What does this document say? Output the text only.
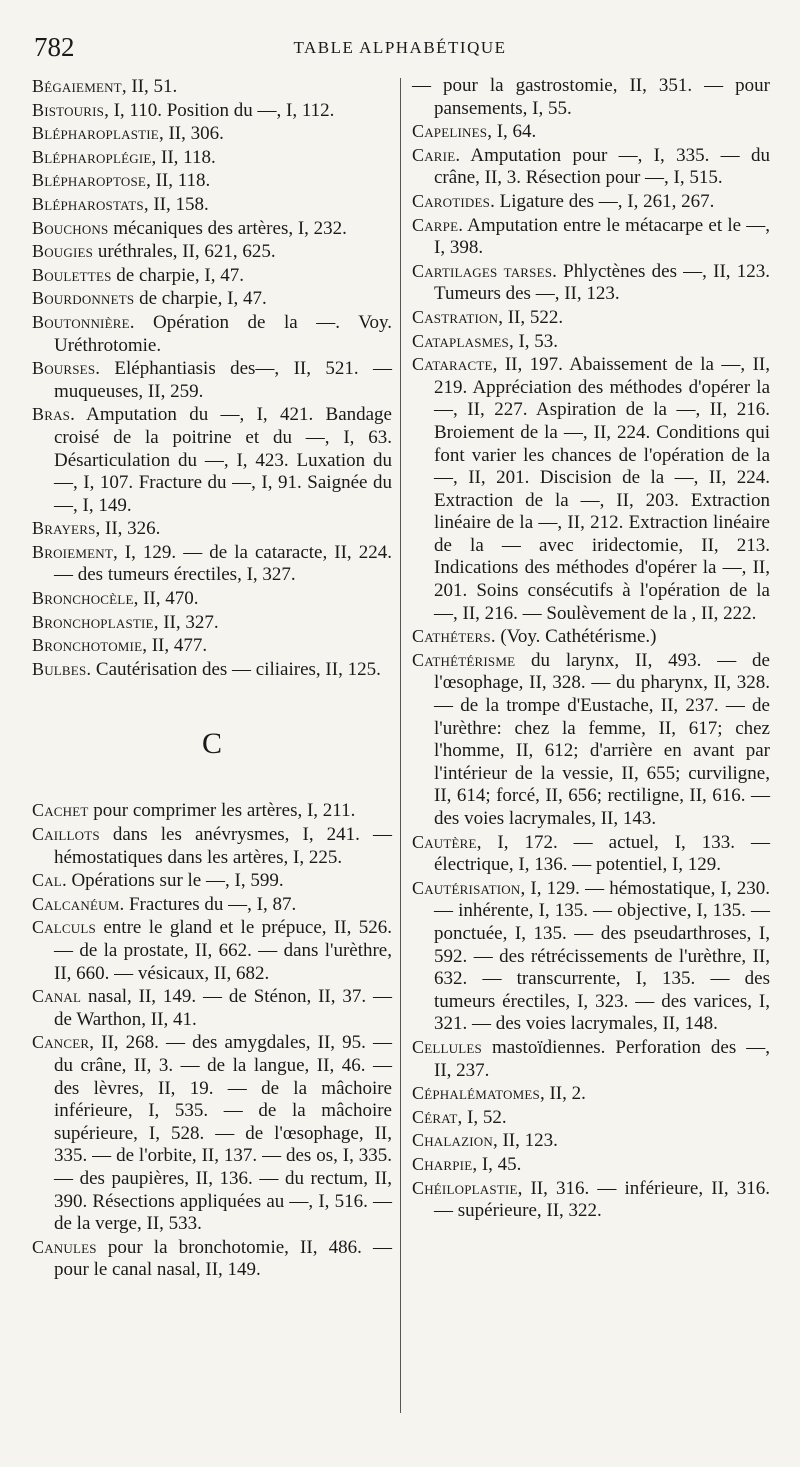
782	TABLE ALPHABÉTIQUE

Bégaiement, II, 51.

Bistouris, I, 110. Position du —, I, 112.

Blépharoplastie, II, 306.

Blépharoplégie, II, 118.

Blépharoptose, II, 118.

Blépharostats, II, 158.

Bouchons mécaniques des artères, I, 232.

Bougies uréthrales, II, 621, 625.

Boulettes de charpie, I, 47.

Bourdonnets de charpie, I, 47.

Boutonnière. Opération de la —. Voy. Uréthrotomie.

Bourses. Eléphantiasis des—, II, 521. — muqueuses, II, 259.

Bras. Amputation du —, I, 421. Bandage croisé de la poitrine et du —, I, 63. Désarticulation du —, I, 423. Luxation du —, I, 107. Fracture du —, I, 91. Saignée du —, I, 149.

Brayers, II, 326.

Broiement, I, 129. — de la cataracte, II, 224. — des tumeurs érectiles, I, 327.

Bronchocèle, II, 470.

Bronchoplastie, II, 327.

Bronchotomie, II, 477.

Bulbes. Cautérisation des — ciliaires, II, 125.

C

Cachet pour comprimer les artères, I, 211.

Caillots dans les anévrysmes, I, 241. — hémostatiques dans les artères, I, 225.

Cal. Opérations sur le —, I, 599.

Calcanéum. Fractures du —, I, 87.

Calculs entre le gland et le prépuce, II, 526. — de la prostate, II, 662. — dans l'urèthre, II, 660. — vésicaux, II, 682.

Canal nasal, II, 149. — de Sténon, II, 37. — de Warthon, II, 41.

Cancer, II, 268. — des amygdales, II, 95. — du crâne, II, 3. — de la langue, II, 46. — des lèvres, II, 19. — de la mâchoire inférieure, I, 535. — de la mâchoire supérieure, I, 528. — de l'œsophage, II, 335. — de l'orbite, II, 137. — des os, I, 335. — des paupières, II, 136. — du rectum, II, 390. Résections appliquées au —, I, 516. — de la verge, II, 533.

Canules pour la bronchotomie, II, 486. — pour le canal nasal, II, 149.

— pour la gastrostomie, II, 351. — pour pansements, I, 55.

Capelines, I, 64.

Carie. Amputation pour —, I, 335. — du crâne, II, 3. Résection pour —, I, 515.

Carotides. Ligature des —, I, 261, 267.

Carpe. Amputation entre le métacarpe et le —, I, 398.

Cartilages tarses. Phlyctènes des —, II, 123. Tumeurs des —, II, 123.

Castration, II, 522.

Cataplasmes, I, 53.

Cataracte, II, 197. Abaissement de la —, II, 219. Appréciation des méthodes d'opérer la —, II, 227. Aspiration de la —, II, 216. Broiement de la —, II, 224. Conditions qui font varier les chances de l'opération de la —, II, 201. Discision de la —, II, 224. Extraction de la —, II, 203. Extraction linéaire de la —, II, 212. Extraction linéaire de la — avec iridectomie, II, 213. Indications des méthodes d'opérer la —, II, 201. Soins consécutifs à l'opération de la —, II, 216. — Soulèvement de la , II, 222.

Cathéters. (Voy. Cathétérisme.)

Cathétérisme du larynx, II, 493. — de l'œsophage, II, 328. — du pharynx, II, 328. — de la trompe d'Eustache, II, 237. — de l'urèthre: chez la femme, II, 617; chez l'homme, II, 612; d'arrière en avant par l'intérieur de la vessie, II, 655; curviligne, II, 614; forcé, II, 656; rectiligne, II, 616. — des voies lacrymales, II, 143.

Cautère, I, 172. — actuel, I, 133. — électrique, I, 136. — potentiel, I, 129.

Cautérisation, I, 129. — hémostatique, I, 230. — inhérente, I, 135. — objective, I, 135. — ponctuée, I, 135. — des pseudarthroses, I, 592. — des rétrécissements de l'urèthre, II, 632. — transcurrente, I, 135. — des tumeurs érectiles, I, 323. — des varices, I, 321. — des voies lacrymales, II, 148.

Cellules mastoïdiennes. Perforation des —, II, 237.

Céphalématomes, II, 2.

Cérat, I, 52.

Chalazion, II, 123.

Charpie, I, 45.

Chéiloplastie, II, 316. — inférieure, II, 316. — supérieure, II, 322.
